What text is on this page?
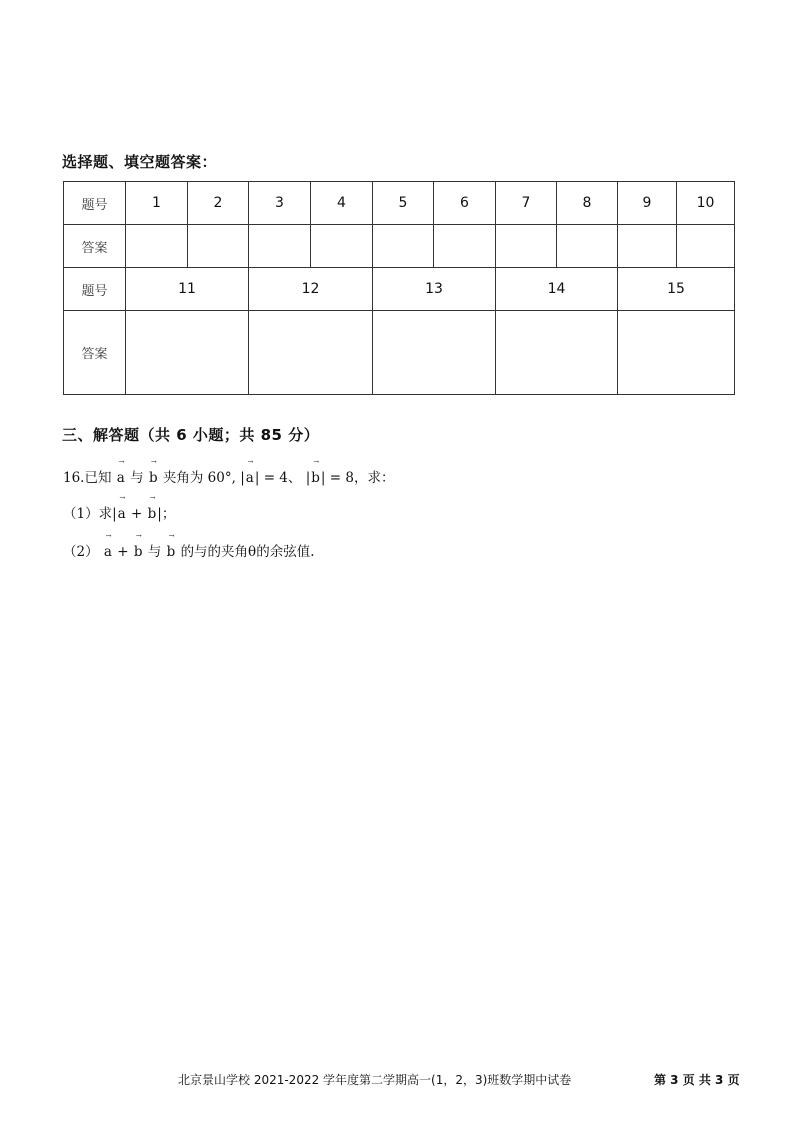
选择题、填空题答案：
题号	1	2	3	4	5	6	7	8	9	10
答案										
题号	11		12		13		14		15	
答案										
三、解答题（共 6 小题；共 85 分）
16.已知 → a 与 → b 夹角为 60°, |→ a| = 4、 |→ b| = 8，求：
（1）求|→ a + → b|；
（2） → a + → b 与 → b 的与的夹角θ的余弦值.
北京景山学校 2021-2022 学年度第二学期高一(1，2，3)班数学期中试卷	第 3 页 共 3 页
